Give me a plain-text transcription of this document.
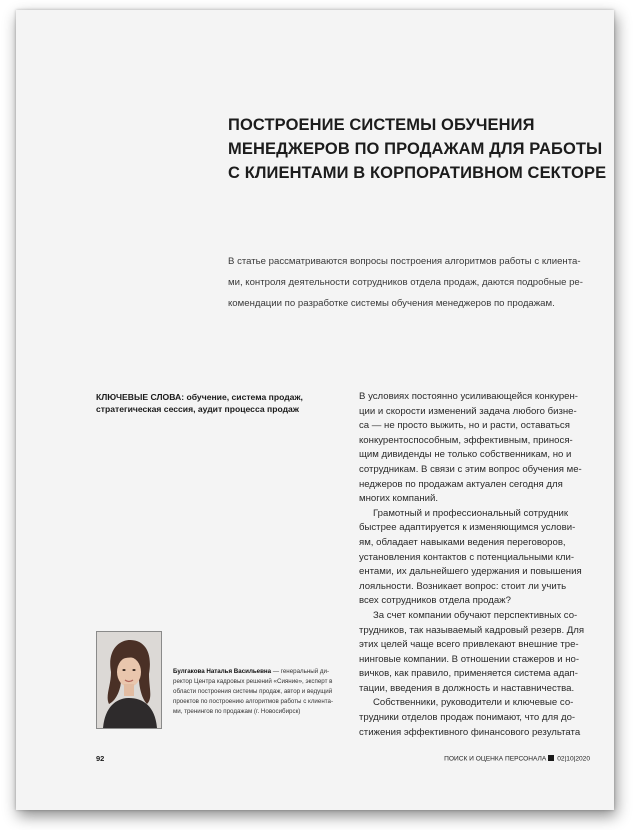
ПОСТРОЕНИЕ СИСТЕМЫ ОБУЧЕНИЯ
МЕНЕДЖЕРОВ ПО ПРОДАЖАМ ДЛЯ РАБОТЫ
С КЛИЕНТАМИ В КОРПОРАТИВНОМ СЕКТОРЕ
В статье рассматриваются вопросы построения алгоритмов работы с клиента-
ми, контроля деятельности сотрудников отдела продаж, даются подробные ре-
комендации по разработке системы обучения менеджеров по продажам.
КЛЮЧЕВЫЕ СЛОВА: обучение, система продаж, стратегическая сессия, аудит процесса продаж
Булгакова Наталья Васильевна — генеральный ди-
ректор Центра кадровых решений «Сияние», эксперт в
области построения системы продаж, автор и ведущий
проектов по построению алгоритмов работы с клиента-
ми, тренингов по продажам (г. Новосибирск)
В условиях постоянно усиливающейся конкурен-
ции и скорости изменений задача любого бизне-
са — не просто выжить, но и расти, оставаться
конкурентоспособным, эффективным, принося-
щим дивиденды не только собственникам, но и
сотрудникам. В связи с этим вопрос обучения ме-
неджеров по продажам актуален сегодня для
многих компаний.
Грамотный и профессиональный сотрудник
быстрее адаптируется к изменяющимся услови-
ям, обладает навыками ведения переговоров,
установления контактов с потенциальными кли-
ентами, их дальнейшего удержания и повышения
лояльности. Возникает вопрос: стоит ли учить
всех сотрудников отдела продаж?
За счет компании обучают перспективных со-
трудников, так называемый кадровый резерв. Для
этих целей чаще всего привлекают внешние тре-
нинговые компании. В отношении стажеров и но-
вичков, как правило, применяется система адап-
тации, введения в должность и наставничества.
Собственники, руководители и ключевые со-
трудники отделов продаж понимают, что для до-
стижения эффективного финансового результата
92	ПОИСК И ОЦЕНКА ПЕРСОНАЛА 02|10|2020
